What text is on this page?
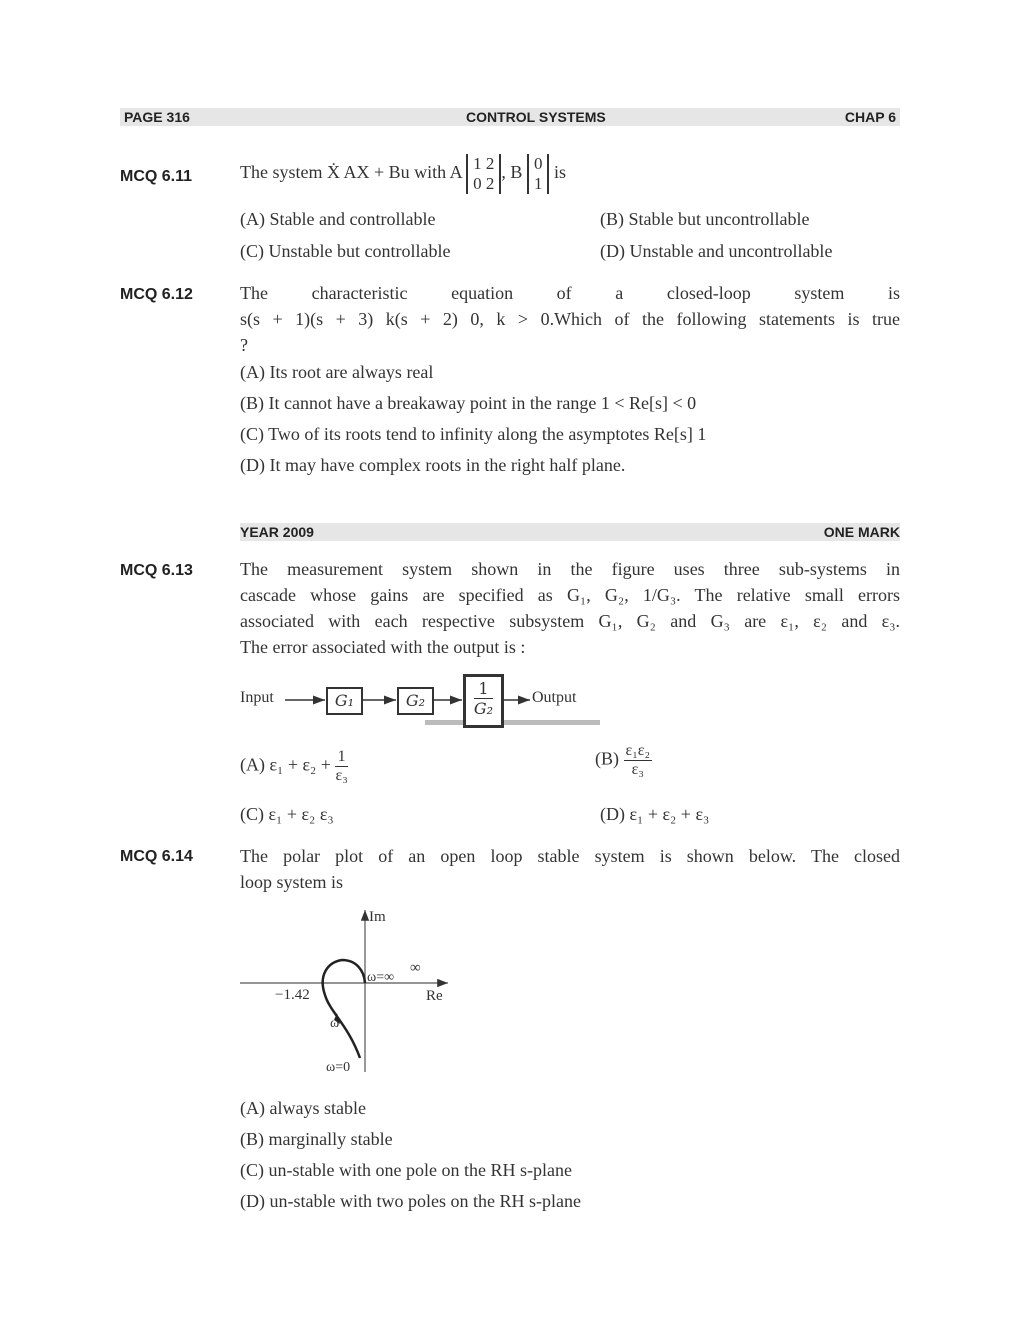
PAGE 316	CONTROL SYSTEMS	CHAP 6
MCQ 6.11	The system Ẋ AX + Bu with A 1 2
0 2, B 0
1 is
(A) Stable and controllable	(B) Stable but uncontrollable
(C) Unstable but controllable	(D) Unstable and uncontrollable
MCQ 6.12	The characteristic equation of a closed-loop system is
s(s + 1)(s + 3) k(s + 2) 0, k > 0.Which of the following statements is true
?
(A) Its root are always real
(B) It cannot have a breakaway point in the range 1 < Re[s] < 0
(C) Two of its roots tend to infinity along the asymptotes Re[s] 1
(D) It may have complex roots in the right half plane.
YEAR 2009	ONE MARK
MCQ 6.13	The measurement system shown in the figure uses three sub-systems in
cascade whose gains are specified as G₁, G₂, 1/G₃. The relative small errors
associated with each respective subsystem G₁, G₂ and G₃ are ε₁, ε₂ and ε₃.
The error associated with the output is :
Input	G₁	G₂	$\frac{1}{\text{G₂}}$ Output
(A) $\varepsilon_1 + \varepsilon_2 + \frac{1}{\text{ε₃}}$	$(B) \frac{\text{ε₁ε₂}}{\text{ε₃}}$
(C) ε₁ + ε₂ ε₃	(D) ε₁ + ε₂ + ε₃
MCQ 6.14	The polar plot of an open loop stable system is shown below. The closed
loop system is
Im
Re
−1.42
ω=∞
∞
ω
ω=0
(A) always stable
(B) marginally stable
(C) un-stable with one pole on the RH s-plane
(D) un-stable with two poles on the RH s-plane
